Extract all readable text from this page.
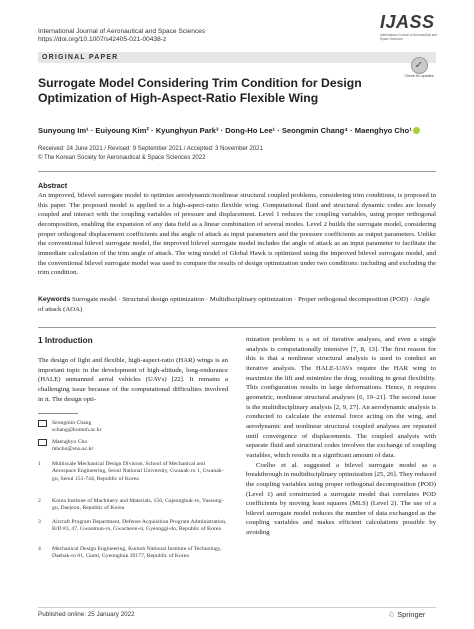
International Journal of Aeronautical and Space Sciences
https://doi.org/10.1007/s42405-021-00438-z
IJASS
International Journal of Aeronautical and Space Sciences
ORIGINAL PAPER
✓
Check for updates
Surrogate Model Considering Trim Condition for Design Optimization of High-Aspect-Ratio Flexible Wing
Sunyoung Im¹ · Euiyoung Kim² · Kyunghyun Park³ · Dong-Ho Lee¹ · Seongmin Chang⁴ · Maenghyo Cho¹
Received: 24 June 2021 / Revised: 9 September 2021 / Accepted: 3 November 2021
© The Korean Society for Aeronautical & Space Sciences 2022
Abstract
An improved, bilevel surrogate model to optimize aerodynamic/nonlinear structural coupled problems, considering trim conditions, is proposed in this paper. The proposed model is applied to a high-aspect-ratio flexible wing. Computational fluid and structural dynamic codes are loosely coupled and interact with the coupling variables of pressure and displacement. Level 1 reduces the coupling variables, using proper orthogonal decomposition, enabling the expansion of any data field as a linear combination of several modes. Level 2 builds the surrogate model, considering proper orthogonal displacement coefficients and the angle of attack as input parameters and the pressure coefficients as output parameters. Unlike the conventional bilevel surrogate model, the improved bilevel surrogate model includes the angle of attack as an input parameter to facilitate the immediate calculation of the trim angle of attack. The wing model of Global Hawk is optimized using the improved bilevel surrogate model, and the conventional bilevel surrogate model was used to compare the results of design optimization under two conditions: including and excluding the trim condition.
Keywords Surrogate model · Structural design optimization · Multidisciplinary optimization · Proper orthogonal decomposition (POD) · Angle of attack (AOA)
1 Introduction
The design of light and flexible, high-aspect-ratio (HAR) wings is an important topic in the development of high-altitude, long-endurance (HALE) unmanned aerial vehicles (UAVs) [22]. It remains a challenging issue because of the computational difficulties involved in it. The design opti-
Seongmin Chang
schang@kumoh.ac.kr
Maenghyo Cho
mhcho@snu.ac.kr
1	Multiscale Mechanical Design Division, School of Mechanical and Aerospace Engineering, Seoul National University, Gwanak-ro 1, Gwanak-gu, Seoul 151-744, Republic of Korea
2	Korea Institute of Machinery and Materials, 156, Gajeongbuk-ro, Yuseong-gu, Daejeon, Republic of Korea
3	Aircraft Program Department, Defense Acquisition Program Administration, B/D #3, 47, Gwanmun-ro, Gwacheon-si, Gyeonggi-do, Republic of Korea
4	Mechanical Design Engineering, Kumoh National Institute of Technology, Daehak-ro 61, Gumi, Gyeongbuk 39177, Republic of Korea

mization problem is a set of iterative analyses, and even a single analysis is computationally intensive [7, 8, 13]. The first reason for this is that a nonlinear structural analysis is used to conduct an iterative analysis. The HALE-UAVs require the HAR wing to maximize the lift and minimize the drag, resulting in great flexibility. This configuration results in large deformations. Hence, it requires geometric, nonlinear structural analyses [6, 19–21]. The second issue is the multidisciplinary analysis [2, 9, 27]. An aerodynamic analysis is conducted to calculate the external force acting on the wing, and aerodynamic and nonlinear structural coupled analyses are repeated until convergence of displacements. The coupled analysis with separate fluid and structural codes involves the exchange of coupling variables, which results in a significant amount of data.

Coelho et al. suggested a bilevel surrogate model as a breakthrough in multidisciplinary optimization [25, 26]. They reduced the coupling variables using proper orthogonal decomposition (POD) (Level 1) and constructed a surrogate model that correlates POD coefficients by moving least squares (MLS) (Level 2). The use of a bilevel surrogate model reduces the number of data exchanged as the coupling variables and makes efficient calculations possible by avoiding

Published online: 25 January 2022	♘ Springer
